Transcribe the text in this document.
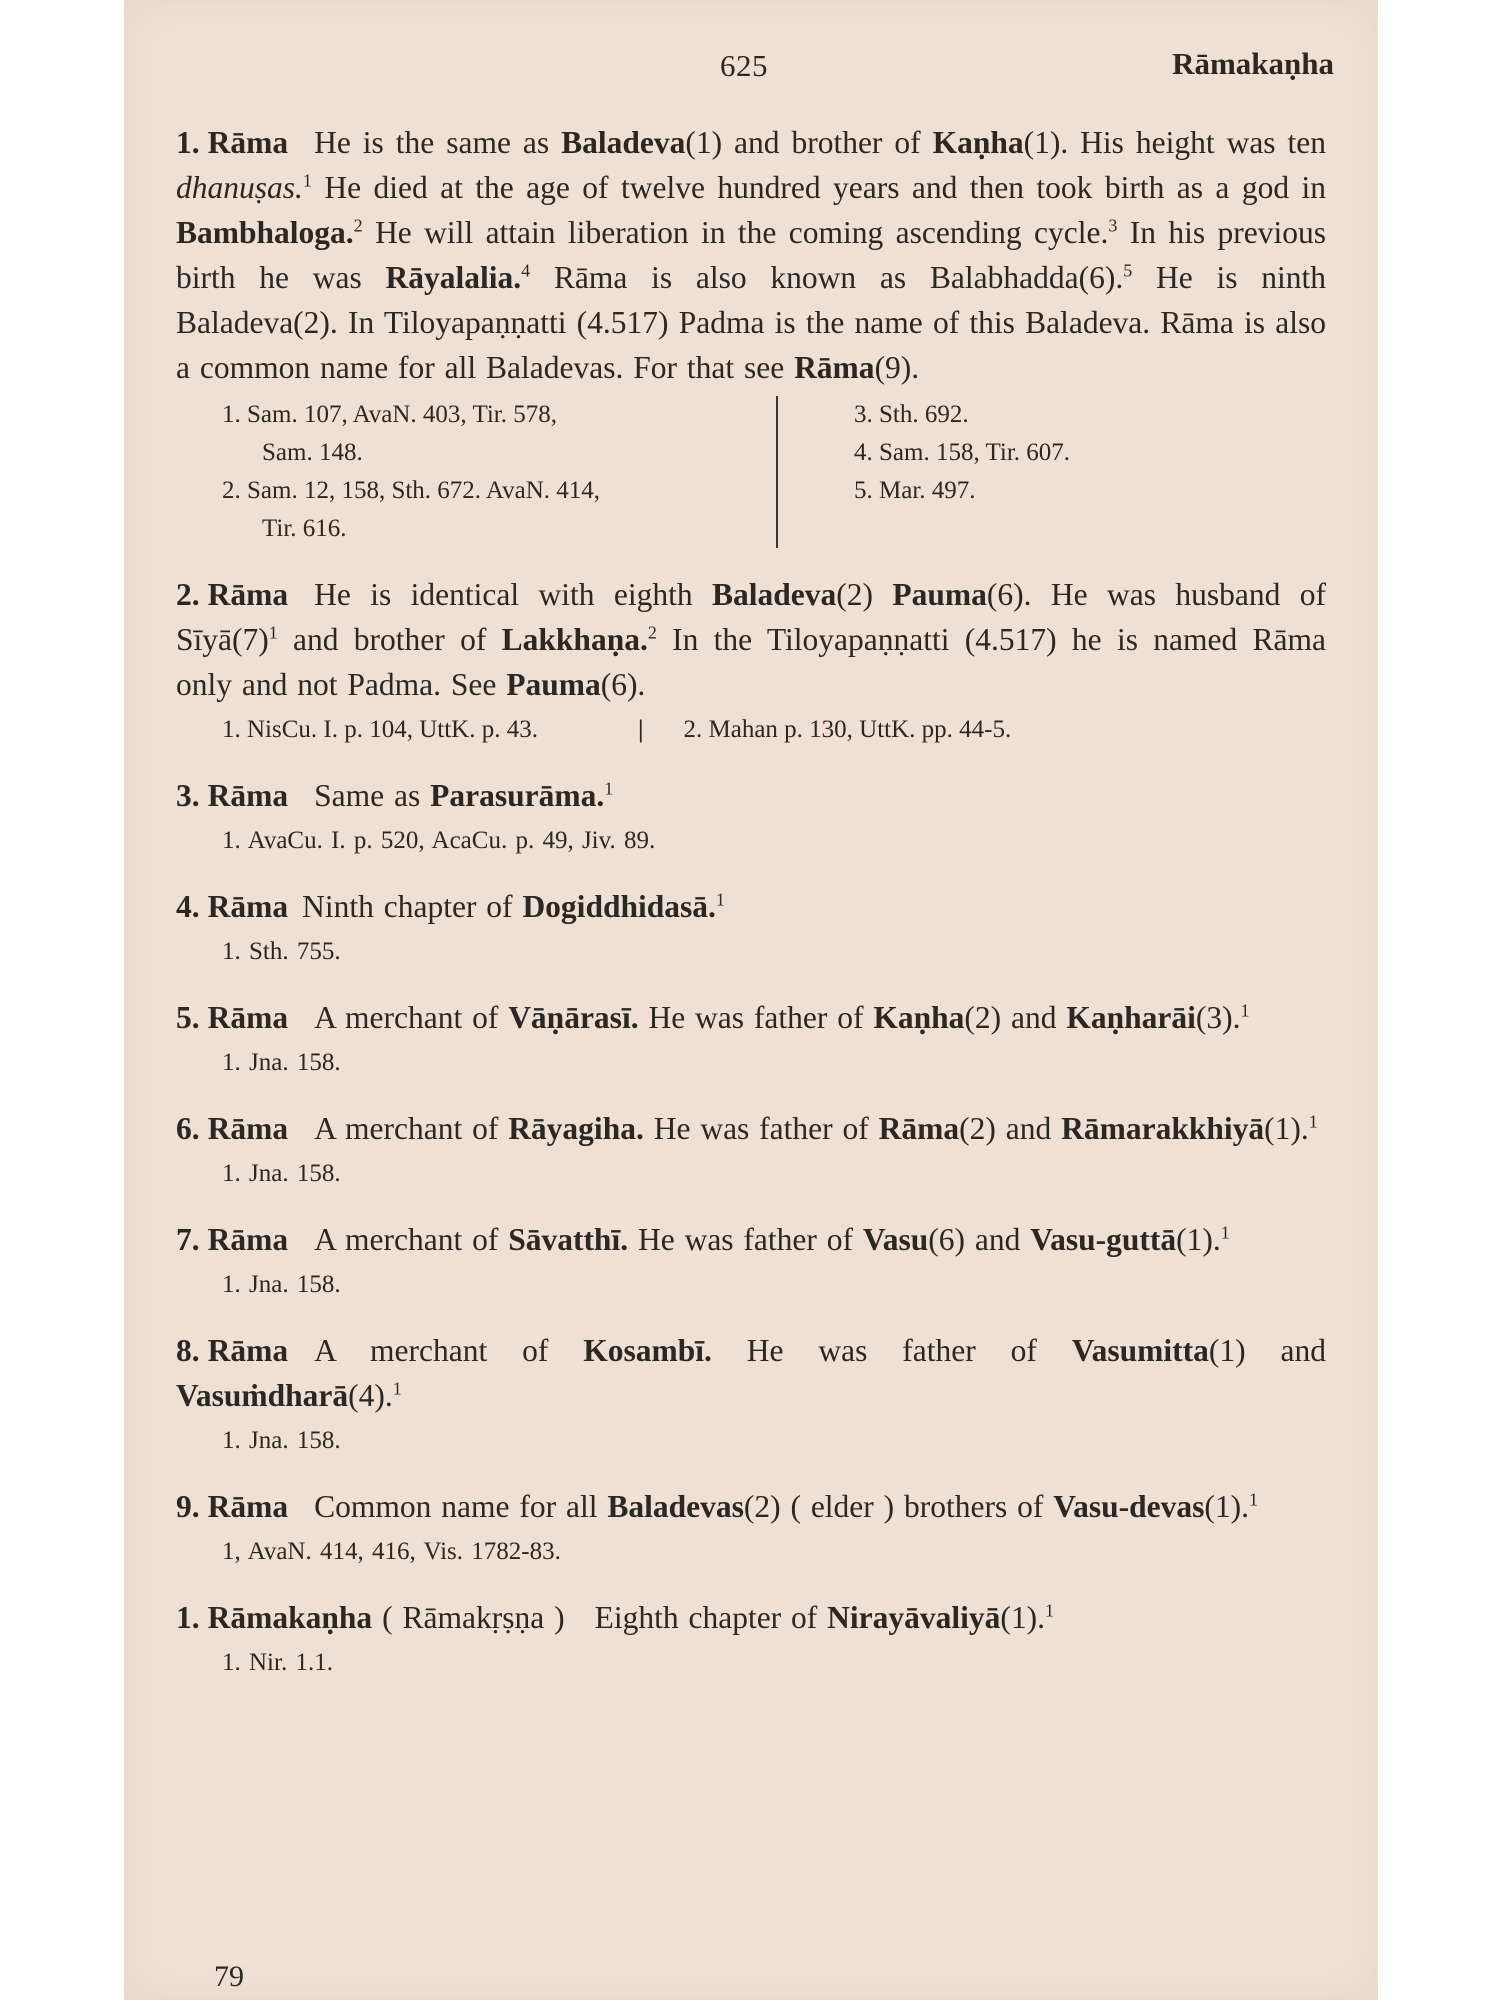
625	Rāmakaṇha
1. Rāma He is the same as Baladeva(1) and brother of Kaṇha(1). His height was ten dhanuṣas.$^1$ He died at the age of twelve hundred years and then took birth as a god in Bambhaloga.$^2$ He will attain liberation in the coming ascending cycle.$^3$ In his previous birth he was Rāyalalia.$^4$ Rāma is also known as Balabhadda(6).$^5$ He is ninth Baladeva(2). In Tiloyapaṇṇatti (4.517) Padma is the name of this Baladeva. Rāma is also a common name for all Baladevas. For that see Rāma(9).
1. Sam. 107, AvaN. 403, Tir. 578,
Sam. 148.
2. Sam. 12, 158, Sth. 672. AvaN. 414,
Tir. 616.
3. Sth. 692.
4. Sam. 158, Tir. 607.
5. Mar. 497.
2. Rāma He is identical with eighth Baladeva(2) Pauma(6). He was husband of $Sīyā(7)^1$ and brother of Lakkhaṇa.$^2$ In the Tiloyapaṇṇatti (4.517) he is named Rāma only and not Padma. See Pauma(6).
1. NisCu. I. p. 104, UttK. p. 43.	| 2. Mahan p. 130, UttK. pp. 44-5.
3. Rāma Same as Parasurāma.$^1$
1. AvaCu. I. p. 520, AcaCu. p. 49, Jiv. 89.
4. Rāma Ninth chapter of Dogiddhidasā.$^1$
1. Sth. 755.
5. Rāma A merchant of Vāṇārasī. He was father of Kaṇha(2) and Kaṇharāi(3).$^1$
1. Jna. 158.
6. Rāma A merchant of Rāyagiha. He was father of Rāma(2) and Rāmarakkhiyā(1).$^1$
1. Jna. 158.
7. Rāma A merchant of Sāvatthī. He was father of Vasu(6) and Vasu-guttā(1).$^1$
1. Jna. 158.
8. Rāma A merchant of Kosambī. He was father of Vasumitta(1) and Vasuṁdharā(4).$^1$
1. Jna. 158.
9. Rāma Common name for all Baladevas(2) ( elder ) brothers of Vasu-devas(1).$^1$
1, AvaN. 414, 416, Vis. 1782-83.
1. Rāmakaṇha ( Rāmakṛṣṇa ) Eighth chapter of Nirayāvaliyā(1).$^1$
1. Nir. 1.1.
79
